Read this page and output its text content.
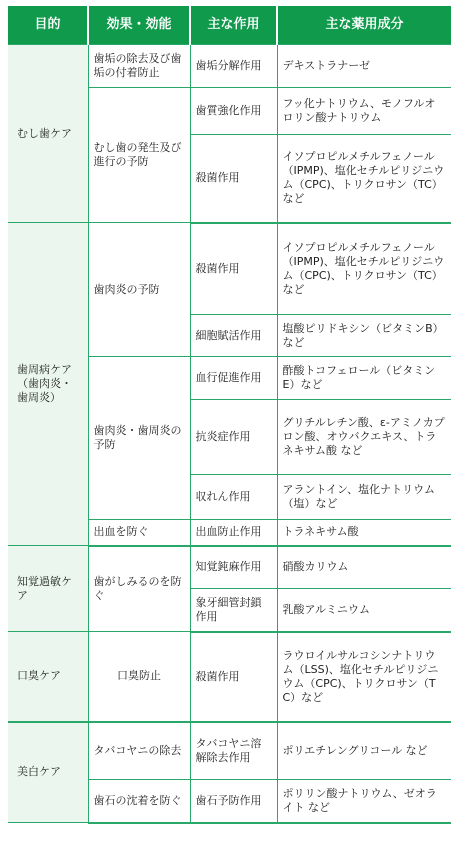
目的	効果・効能	主な作用	主な薬用成分
むし歯ケア	歯垢の除去及び歯垢の付着防止	歯垢分解作用	デキストラナーゼ
	むし歯の発生及び進行の予防	歯質強化作用	フッ化ナトリウム、モノフルオロリン酸ナトリウム
		殺菌作用	イソプロピルメチルフェノール（IPMP)、塩化セチルピリジニウム（CPC)、トリクロサン（TC）など
歯周病ケア（歯肉炎・歯周炎）	歯肉炎の予防	殺菌作用	イソプロピルメチルフェノール（IPMP)、塩化セチルピリジニウム（CPC)、トリクロサン（TC）など
		細胞賦活作用	塩酸ピリドキシン（ビタミンB）など
	歯肉炎・歯周炎の予防	血行促進作用	酢酸トコフェロール（ビタミンE）など
		抗炎症作用	グリチルレチン酸、ε-アミノカプロン酸、オウバクエキス、トラネキサム酸 など
		収れん作用	アラントイン、塩化ナトリウム（塩）など
	出血を防ぐ	出血防止作用	トラネキサム酸
知覚過敏ケア	歯がしみるのを防ぐ	知覚鈍麻作用	硝酸カリウム
		象牙細管封鎖作用	乳酸アルミニウム
口臭ケア	口臭防止	殺菌作用	ラウロイルサルコシンナトリウム（LSS)、塩化セチルピリジニウム（CPC)、トリクロサン（TC）など
美白ケア	タバコヤニの除去	タバコヤニ溶解除去作用	ポリエチレングリコール など
	歯石の沈着を防ぐ	歯石予防作用	ポリリン酸ナトリウム、ゼオライト など
